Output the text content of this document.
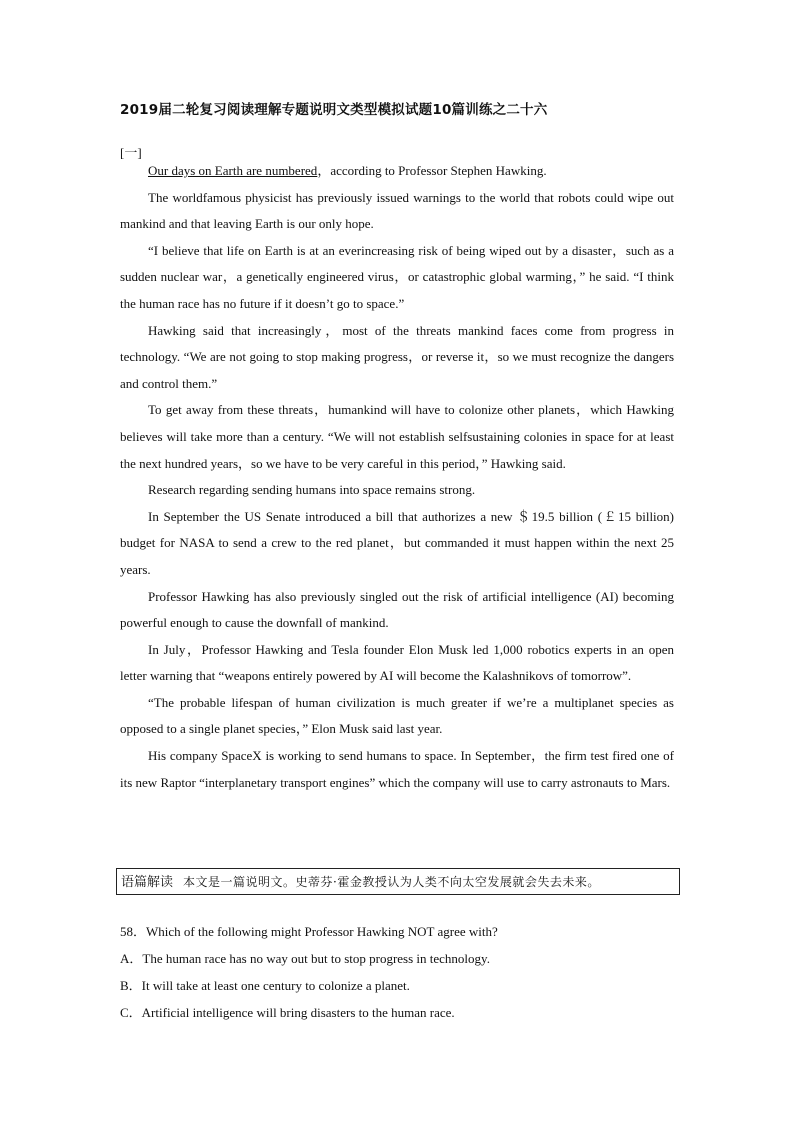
2019届二轮复习阅读理解专题说明文类型模拟试题10篇训练之二十六
[一]

Our days on Earth are numbered，according to Professor Stephen Hawking.

The worldfamous physicist has previously issued warnings to the world that robots could wipe out mankind and that leaving Earth is our only hope.

“I believe that life on Earth is at an everincreasing risk of being wiped out by a disaster，such as a sudden nuclear war，a genetically engineered virus，or catastrophic global warming，” he said. “I think the human race has no future if it doesn’t go to space.”

Hawking said that increasingly，most of the threats mankind faces come from progress in technology. “We are not going to stop making progress，or reverse it，so we must recognize the dangers and control them.”

To get away from these threats，humankind will have to colonize other planets，which Hawking believes will take more than a century. “We will not establish selfsustaining colonies in space for at least the next hundred years，so we have to be very careful in this period，” Hawking said.

Research regarding sending humans into space remains strong.

In September the US Senate introduced a bill that authorizes a new ＄19.5 billion (￡15 billion) budget for NASA to send a crew to the red planet，but commanded it must happen within the next 25 years.

Professor Hawking has also previously singled out the risk of artificial intelligence (AI) becoming powerful enough to cause the downfall of mankind.

In July，Professor Hawking and Tesla founder Elon Musk led 1,000 robotics experts in an open letter warning that “weapons entirely powered by AI will become the Kalashnikovs of tomorrow”.

“The probable lifespan of human civilization is much greater if we’re a multiplanet species as opposed to a single planet species，” Elon Musk said last year.

His company SpaceX is working to send humans to space. In September，the firm test fired one of its new Raptor “interplanetary transport engines” which the company will use to carry astronauts to Mars.

语篇解读 本文是一篇说明文。史蒂芬·霍金教授认为人类不向太空发展就会失去未来。
58．Which of the following might Professor Hawking NOT agree with?
A．The human race has no way out but to stop progress in technology.
B．It will take at least one century to colonize a planet.
C．Artificial intelligence will bring disasters to the human race.
